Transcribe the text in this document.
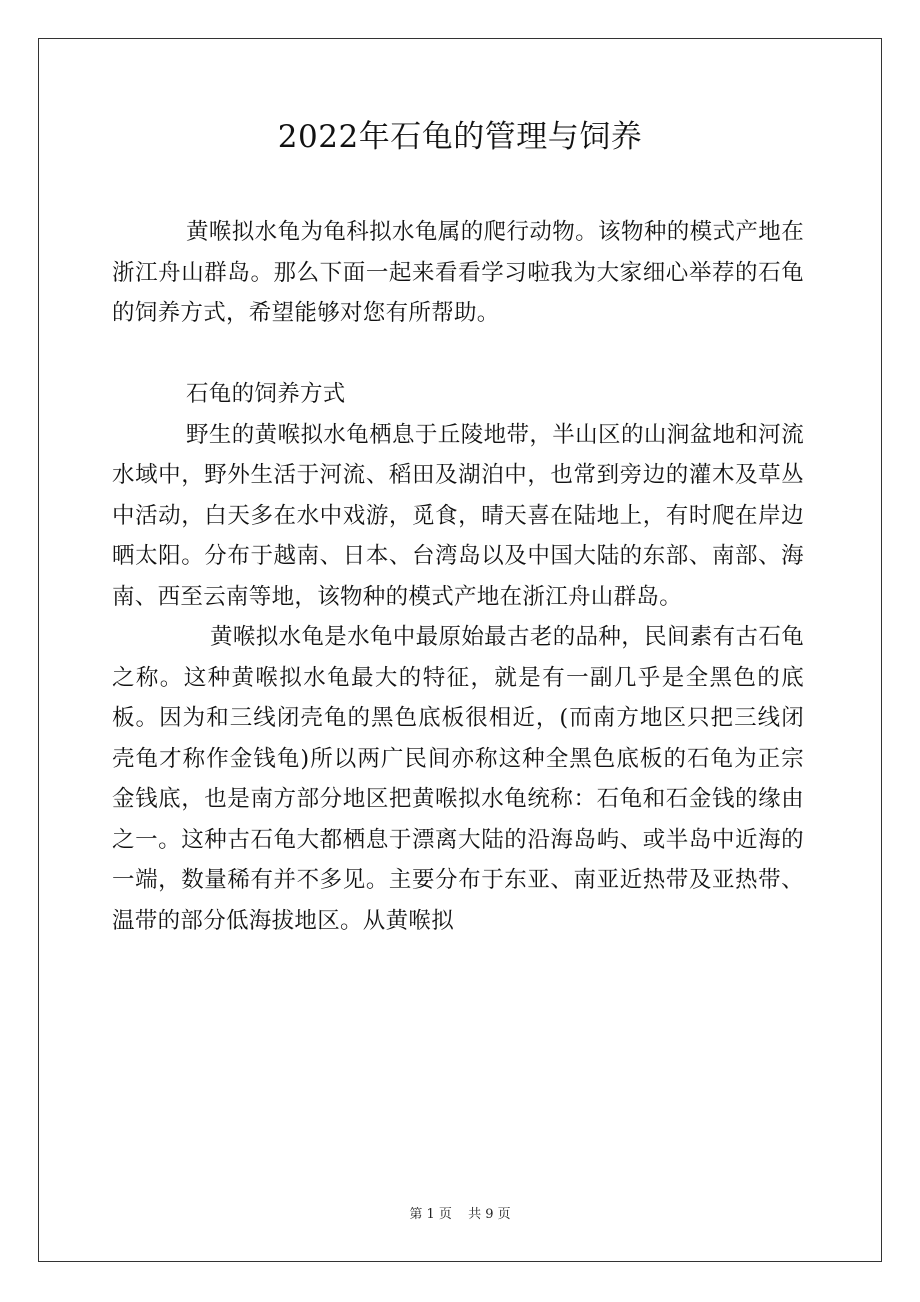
2022年石龟的管理与饲养

黄喉拟水龟为龟科拟水龟属的爬行动物。该物种的模式产地在浙江舟山群岛。那么下面一起来看看学习啦我为大家细心举荐的石龟的饲养方式，希望能够对您有所帮助。

石龟的饲养方式

野生的黄喉拟水龟栖息于丘陵地带，半山区的山涧盆地和河流水域中，野外生活于河流、稻田及湖泊中，也常到旁边的灌木及草丛中活动，白天多在水中戏游，觅食，晴天喜在陆地上，有时爬在岸边晒太阳。分布于越南、日本、台湾岛以及中国大陆的东部、南部、海南、西至云南等地，该物种的模式产地在浙江舟山群岛。

黄喉拟水龟是水龟中最原始最古老的品种，民间素有古石龟之称。这种黄喉拟水龟最大的特征，就是有一副几乎是全黑色的底板。因为和三线闭壳龟的黑色底板很相近，(而南方地区只把三线闭壳龟才称作金钱龟)所以两广民间亦称这种全黑色底板的石龟为正宗金钱底，也是南方部分地区把黄喉拟水龟统称：石龟和石金钱的缘由之一。这种古石龟大都栖息于漂离大陆的沿海岛屿、或半岛中近海的一端，数量稀有并不多见。主要分布于东亚、南亚近热带及亚热带、温带的部分低海拔地区。从黄喉拟

第 1 页 共 9 页
